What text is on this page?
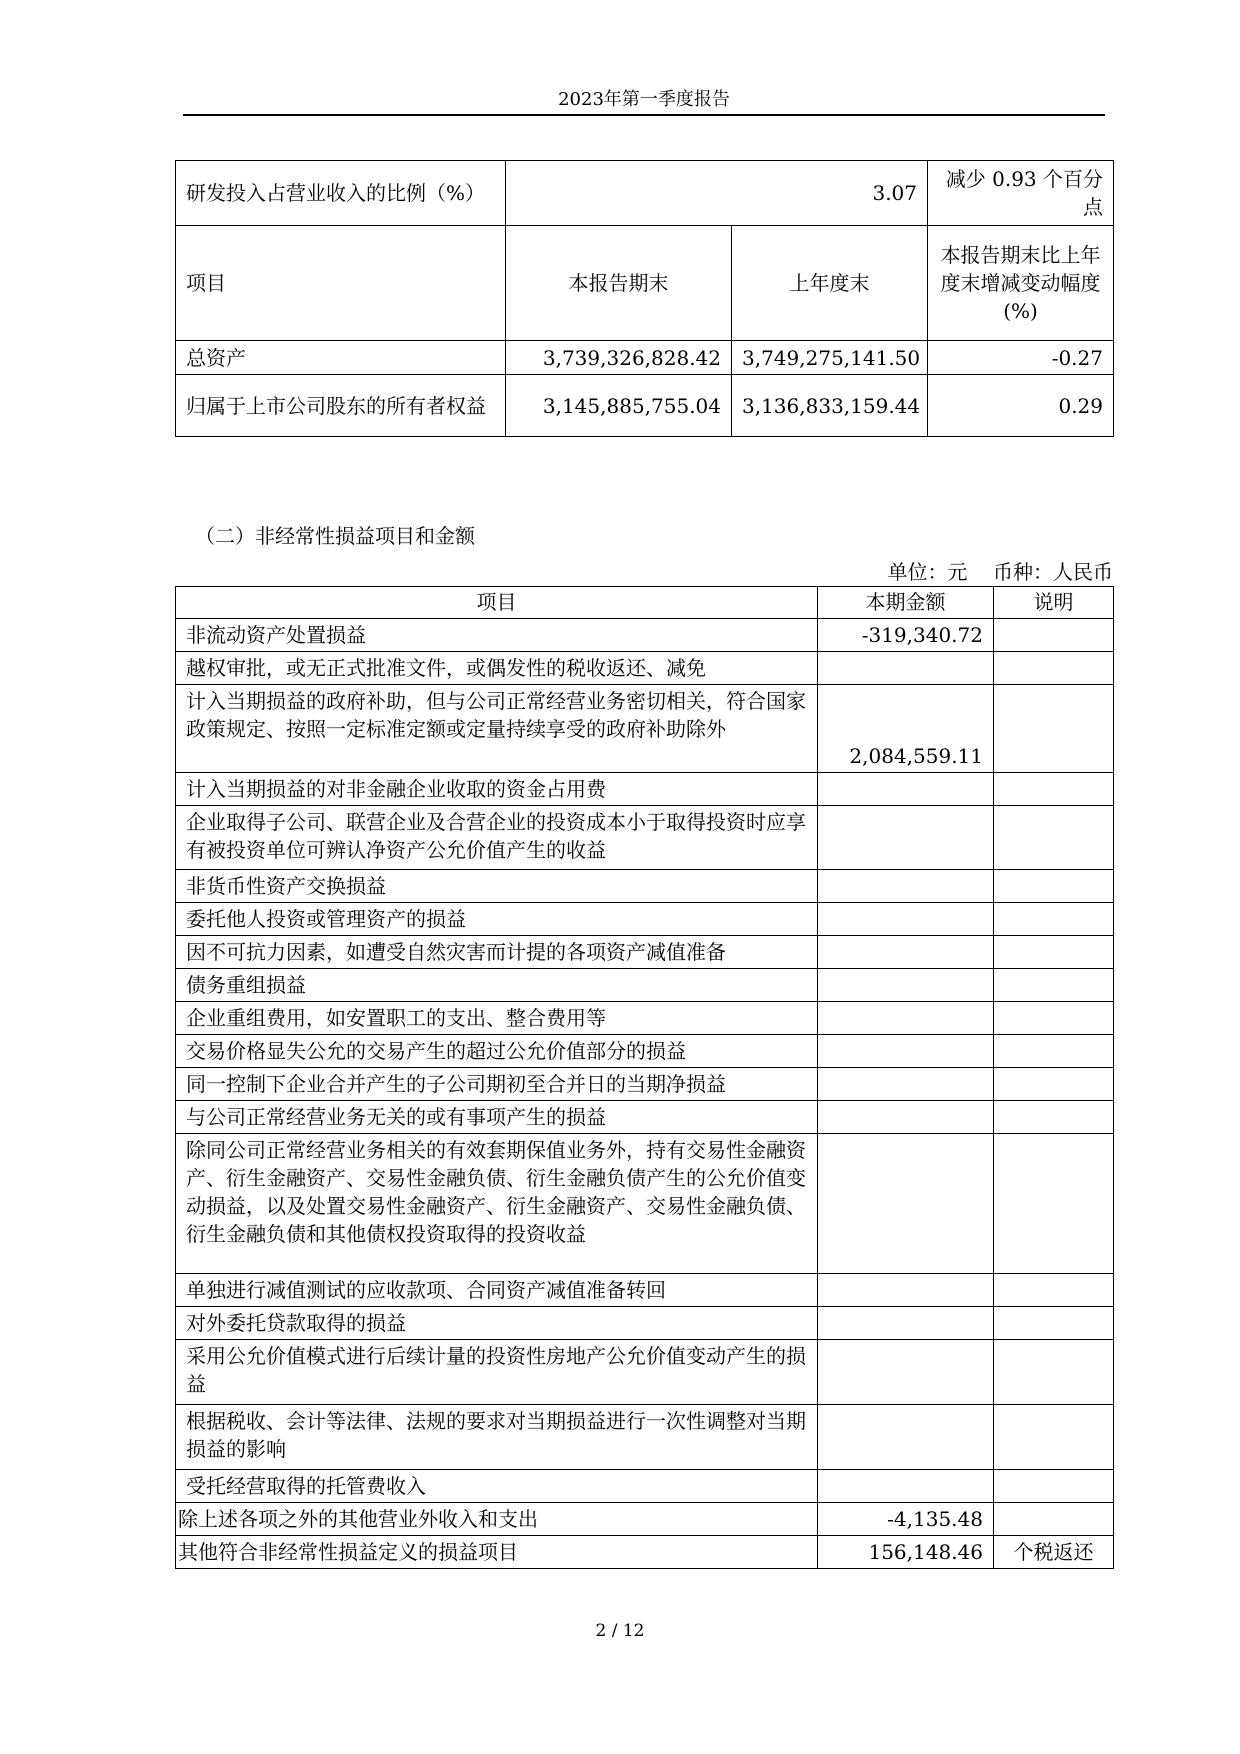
2023年第一季度报告
研发投入占营业收入的比例（%）	3.07		减少 0.93 个百分点
项目	本报告期末	上年度末	本报告期末比上年度末增减变动幅度(%)
总资产	3,739,326,828.42	3,749,275,141.50	-0.27
归属于上市公司股东的所有者权益	3,145,885,755.04	3,136,833,159.44	0.29
（二）非经常性损益项目和金额
单位：元 币种：人民币
项目	本期金额	说明
非流动资产处置损益	-319,340.72	
越权审批，或无正式批准文件，或偶发性的税收返还、减免		
计入当期损益的政府补助，但与公司正常经营业务密切相关，符合国家政策规定、按照一定标准定额或定量持续享受的政府补助除外	2,084,559.11	
计入当期损益的对非金融企业收取的资金占用费		
企业取得子公司、联营企业及合营企业的投资成本小于取得投资时应享有被投资单位可辨认净资产公允价值产生的收益		
非货币性资产交换损益		
委托他人投资或管理资产的损益		
因不可抗力因素，如遭受自然灾害而计提的各项资产减值准备		
债务重组损益		
企业重组费用，如安置职工的支出、整合费用等		
交易价格显失公允的交易产生的超过公允价值部分的损益		
同一控制下企业合并产生的子公司期初至合并日的当期净损益		
与公司正常经营业务无关的或有事项产生的损益		
除同公司正常经营业务相关的有效套期保值业务外，持有交易性金融资产、衍生金融资产、交易性金融负债、衍生金融负债产生的公允价值变动损益，以及处置交易性金融资产、衍生金融资产、交易性金融负债、衍生金融负债和其他债权投资取得的投资收益		
单独进行减值测试的应收款项、合同资产减值准备转回		
对外委托贷款取得的损益		
采用公允价值模式进行后续计量的投资性房地产公允价值变动产生的损益		
根据税收、会计等法律、法规的要求对当期损益进行一次性调整对当期损益的影响		
受托经营取得的托管费收入		
除上述各项之外的其他营业外收入和支出	-4,135.48	
其他符合非经常性损益定义的损益项目	156,148.46	个税返还
2 / 12
